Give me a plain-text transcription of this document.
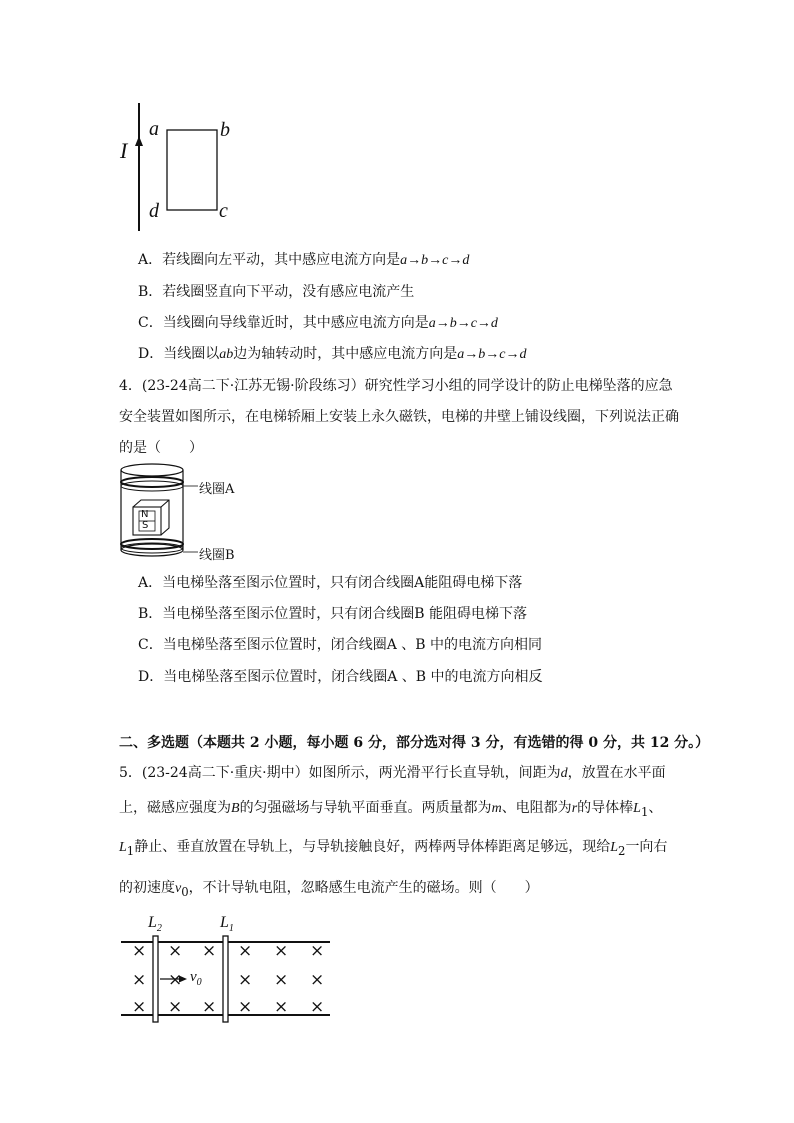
I
a	b
c
d
A．若线圈向左平动，其中感应电流方向是a→b→c→d
B．若线圈竖直向下平动，没有感应电流产生
C．当线圈向导线靠近时，其中感应电流方向是a→b→c→d
D．当线圈以ab边为轴转动时，其中感应电流方向是a→b→c→d
4．(23-24高二下·江苏无锡·阶段练习）研究性学习小组的同学设计的防止电梯坠落的应急
安全装置如图所示，在电梯轿厢上安装上永久磁铁，电梯的井壁上铺设线圈，下列说法正确
的是（　　）
N
S
线圈A
线圈B
A．当电梯坠落至图示位置时，只有闭合线圈A能阻碍电梯下落
B．当电梯坠落至图示位置时，只有闭合线圈B 能阻碍电梯下落
C．当电梯坠落至图示位置时，闭合线圈A 、B 中的电流方向相同
D．当电梯坠落至图示位置时，闭合线圈A 、B 中的电流方向相反
二、多选题（本题共 2 小题，每小题 6 分，部分选对得 3 分，有选错的得 0 分，共 12 分。）
5．(23-24高二下·重庆·期中）如图所示，两光滑平行长直导轨，间距为d，放置在水平面
上，磁感应强度为B的匀强磁场与导轨平面垂直。两质量都为m、电阻都为r的导体棒$L_1$、
$L_1$静止、垂直放置在导轨上，与导轨接触良好，两棒两导体棒距离足够远，现给$L_2$一向右
的初速度$v_0$，不计导轨电阻，忽略感生电流产生的磁场。则（　　）
$L_2$	$L_1$
$v_0$
× × × × × ×
× ×	× × ×
× × × × × ×
